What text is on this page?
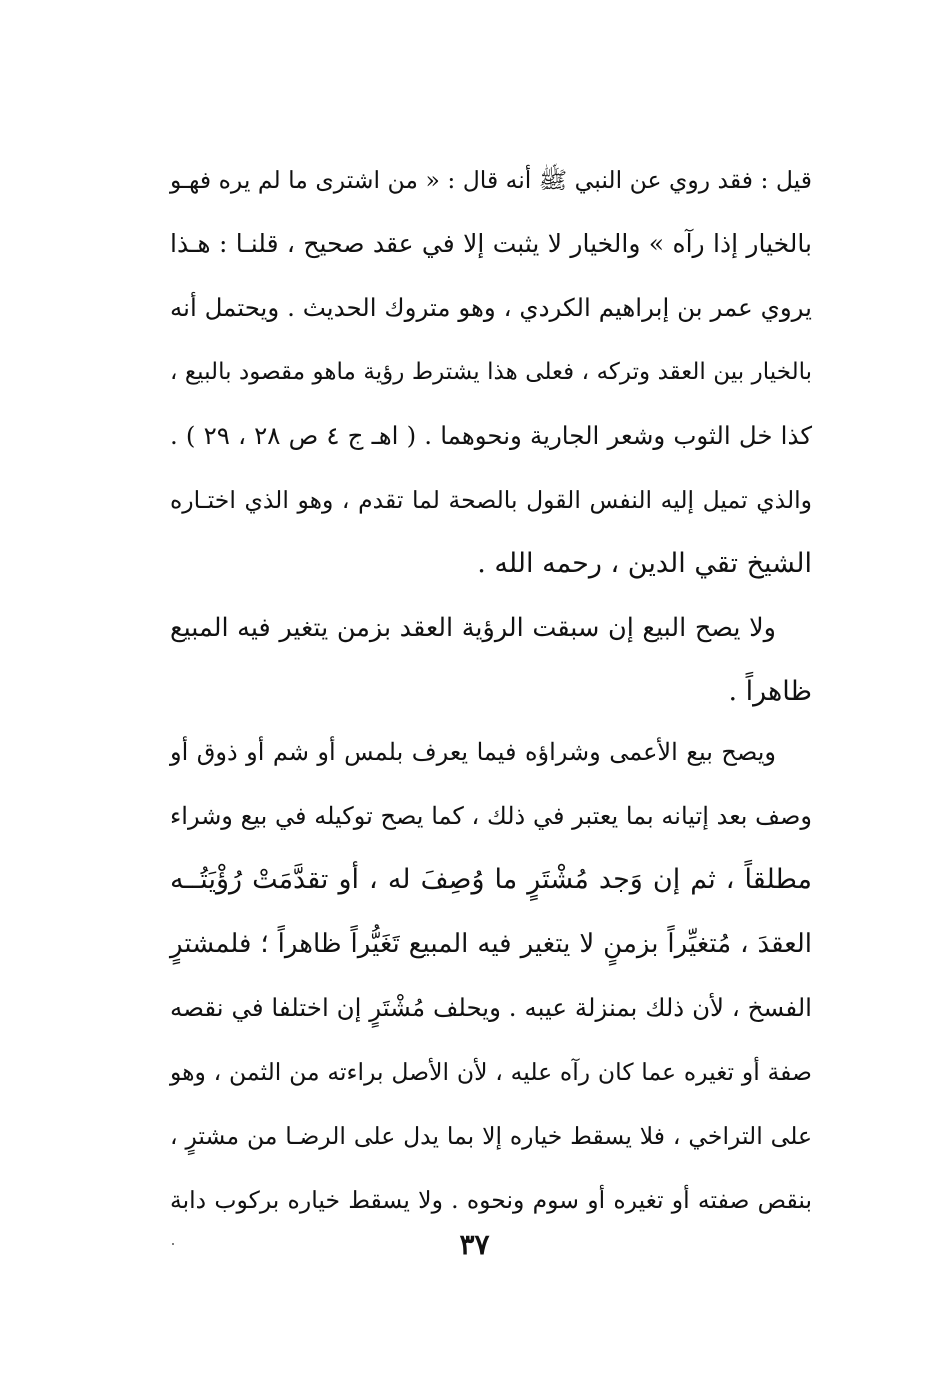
قيل : فقد روي عن النبي ﷺ أنه قال : « من اشترى ما لم يره فهـو
بالخيار إذا رآه » والخيار لا يثبت إلا في عقد صحيح ، قلنـا : هـذا
يروي عمر بن إبراهيم الكردي ، وهو متروك الحديث . ويحتمل أنه
بالخيار بين العقد وتركه ، فعلى هذا يشترط رؤية ماهو مقصود بالبيع ،
كذا خل الثوب وشعر الجارية ونحوهما . ( اهـ ج ٤ ص ٢٨ ، ٢٩ ) .
والذي تميل إليه النفس القول بالصحة لما تقدم ، وهو الذي اختـاره
الشيخ تقي الدين ، رحمه الله .
ولا يصح البيع إن سبقت الرؤية العقد بزمن يتغير فيه المبيع
ظاهراً .
ويصح بيع الأعمى وشراؤه فيما يعرف بلمس أو شم أو ذوق أو
وصف بعد إتيانه بما يعتبر في ذلك ، كما يصح توكيله في بيع وشراء
مطلقاً ، ثم إن وَجد مُشْتَرٍ ما وُصِفَ له ، أو تقدَّمَتْ رُؤْيَتُــه
العقدَ ، مُتغيِّراً بزمنٍ لا يتغير فيه المبيع تَغَيُّراً ظاهراً ؛ فلمشترٍ
الفسخ ، لأن ذلك بمنزلة عيبه . ويحلف مُشْتَرٍ إن اختلفا في نقصه
صفة أو تغيره عما كان رآه عليه ، لأن الأصل براءته من الثمن ، وهو
على التراخي ، فلا يسقط خياره إلا بما يدل على الرضـا من مشترٍ ،
بنقص صفته أو تغيره أو سوم ونحوه . ولا يسقط خياره بركوب دابة
٣٧
